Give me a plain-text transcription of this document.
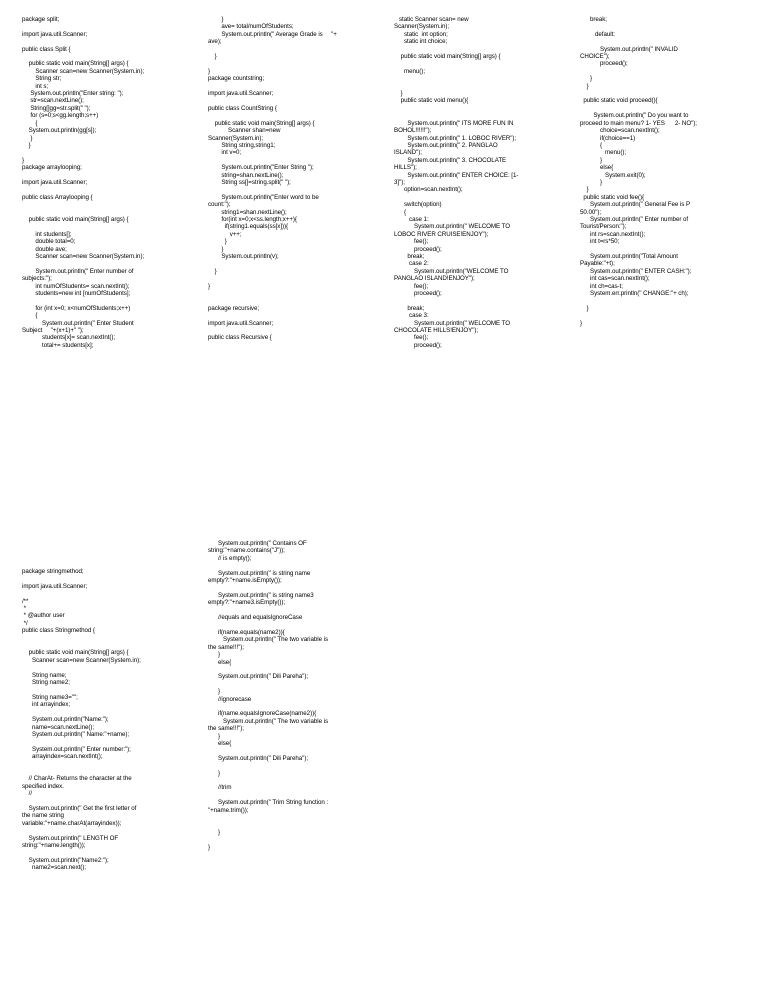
package split;

import java.util.Scanner;

public class Split {

public static void main(String[] args) {
Scanner scan=new Scanner(System.in);
String str;
int s;
System.out.println("Enter string: ");
str=scan.nextLine();
String[]gg=str.split(" ");
for (s=0;s<gg.length;s++)
{
System.out.println(gg[s]);
}
}

}
package arraylooping;

import java.util.Scanner;

public class Arraylooping {

public static void main(String[] args) {

int students[];
double total=0;
double ave;
Scanner scan=new Scanner(System.in);

System.out.println(" Enter number of
subjects:");
int numOfStudents= scan.nextInt();
students=new int [numOfStudents];

for (int x=0; x<numOfStudents;x++)
{
System.out.println(" Enter Student
Subject     "+(x+1)+" ");
students[x]= scan.nextInt();
total+= students[x];
}
ave= total/numOfStudents;
System.out.println(" Average Grade is     "+
ave);

}

}
package countstring;

import java.util.Scanner;

public class CountString {

public static void main(String[] args) {
Scanner shan=new
Scanner(System.in);
String string,string1;
int v=0;

System.out.println("Enter String ");
string=shan.nextLine();
String ss[]=string.split(" ");

System.out.println("Enter word to be
count:");
string1=shan.nextLine();
for(int x=0;x<ss.length;x++){
if(string1.equals(ss[x])){
v++;
}
}
System.out.println(v);

}

}

package recursive;

import java.util.Scanner;

public class Recursive {
static Scanner scan= new
Scanner(System.in);
static  int option;
static int choice;

public static void main(String[] args) {

menu();

}
public static void menu(){

System.out.println(" ITS MORE FUN IN
BOHOL!!!!!!");
System.out.println(" 1. LOBOC RIVER");
System.out.println(" 2. PANGLAO
ISLAND");
System.out.println(" 3. CHOCOLATE
HILLS");
System.out.println(" ENTER CHOICE: [1-
3]");
option=scan.nextInt();

switch(option)
{
case 1:
System.out.println(" WELCOME TO
LOBOC RIVER CRUISE!ENJOY");
fee();
proceed();
break;
case 2:
System.out.println("WELCOME TO
PANGLAO ISLAND!ENJOY");
fee();
proceed();

break;
case 3:
System.out.println(" WELCOME TO
CHOCOLATE HILLS!ENJOY");
fee();
proceed();
break;

default:

System.out.println(" INVALID
CHOICE");
proceed();

}
}

public static void proceed(){

System.out.println(" Do you want to
proceed to main menu? 1- YES      2- NO");
choice=scan.nextInt();
if(choice==1)
{
menu();
}
else{
System.exit(0);
}
}
public static void fee(){
System.out.println(" General Fee is P
50.00");
System.out.println(" Enter number of
Tourist/Person:");
int rs=scan.nextInt();
int t=rs*50;

System.out.println("Total Amount
Payable:"+t);
System.out.println(" ENTER CASH:");
int cas=scan.nextInt();
int ch=cas-t;
System.err.println(" CHANGE:"+ ch);

}

}
package stringmethod;

import java.util.Scanner;

/**
*
* @author user
*/
public class Stringmethod {

public static void main(String[] args) {
Scanner scan=new Scanner(System.in);

String name;
String name2;

String name3="";
int arrayindex;

System.out.println("Name:");
name=scan.nextLine();
System.out.println(" Name:"+name);

System.out.println(" Enter number:");
arrayindex=scan.nextInt();

// CharAt- Returns the character at the
specified index.
//

System.out.println(" Get the first letter of
the name string
variable:"+name.charAt(arrayindex));

System.out.println(" LENGTH OF
string:"+name.length());

System.out.println("Name2:");
name2=scan.next();
System.out.println(" Contains OF
string:"+name.contains("J"));
// is empty();

System.out.println(" is string name
empty?:"+name.isEmpty());

System.out.println(" is string name3
empty?:"+name3.isEmpty());

//equals and equalsIgnoreCase

if(name.equals(name2)){
System.out.println(" The two variable is
the same!!!");
}
else{

System.out.println(" Dili Pareha");

}
//ignorecase

if(name.equalsIgnoreCase(name2)){
System.out.println(" The two variable is
the same!!!");
}
else{

System.out.println(" Dili Pareha");

}

//trim

System.out.println(" Trim String function :
"+name.trim());

}

}
